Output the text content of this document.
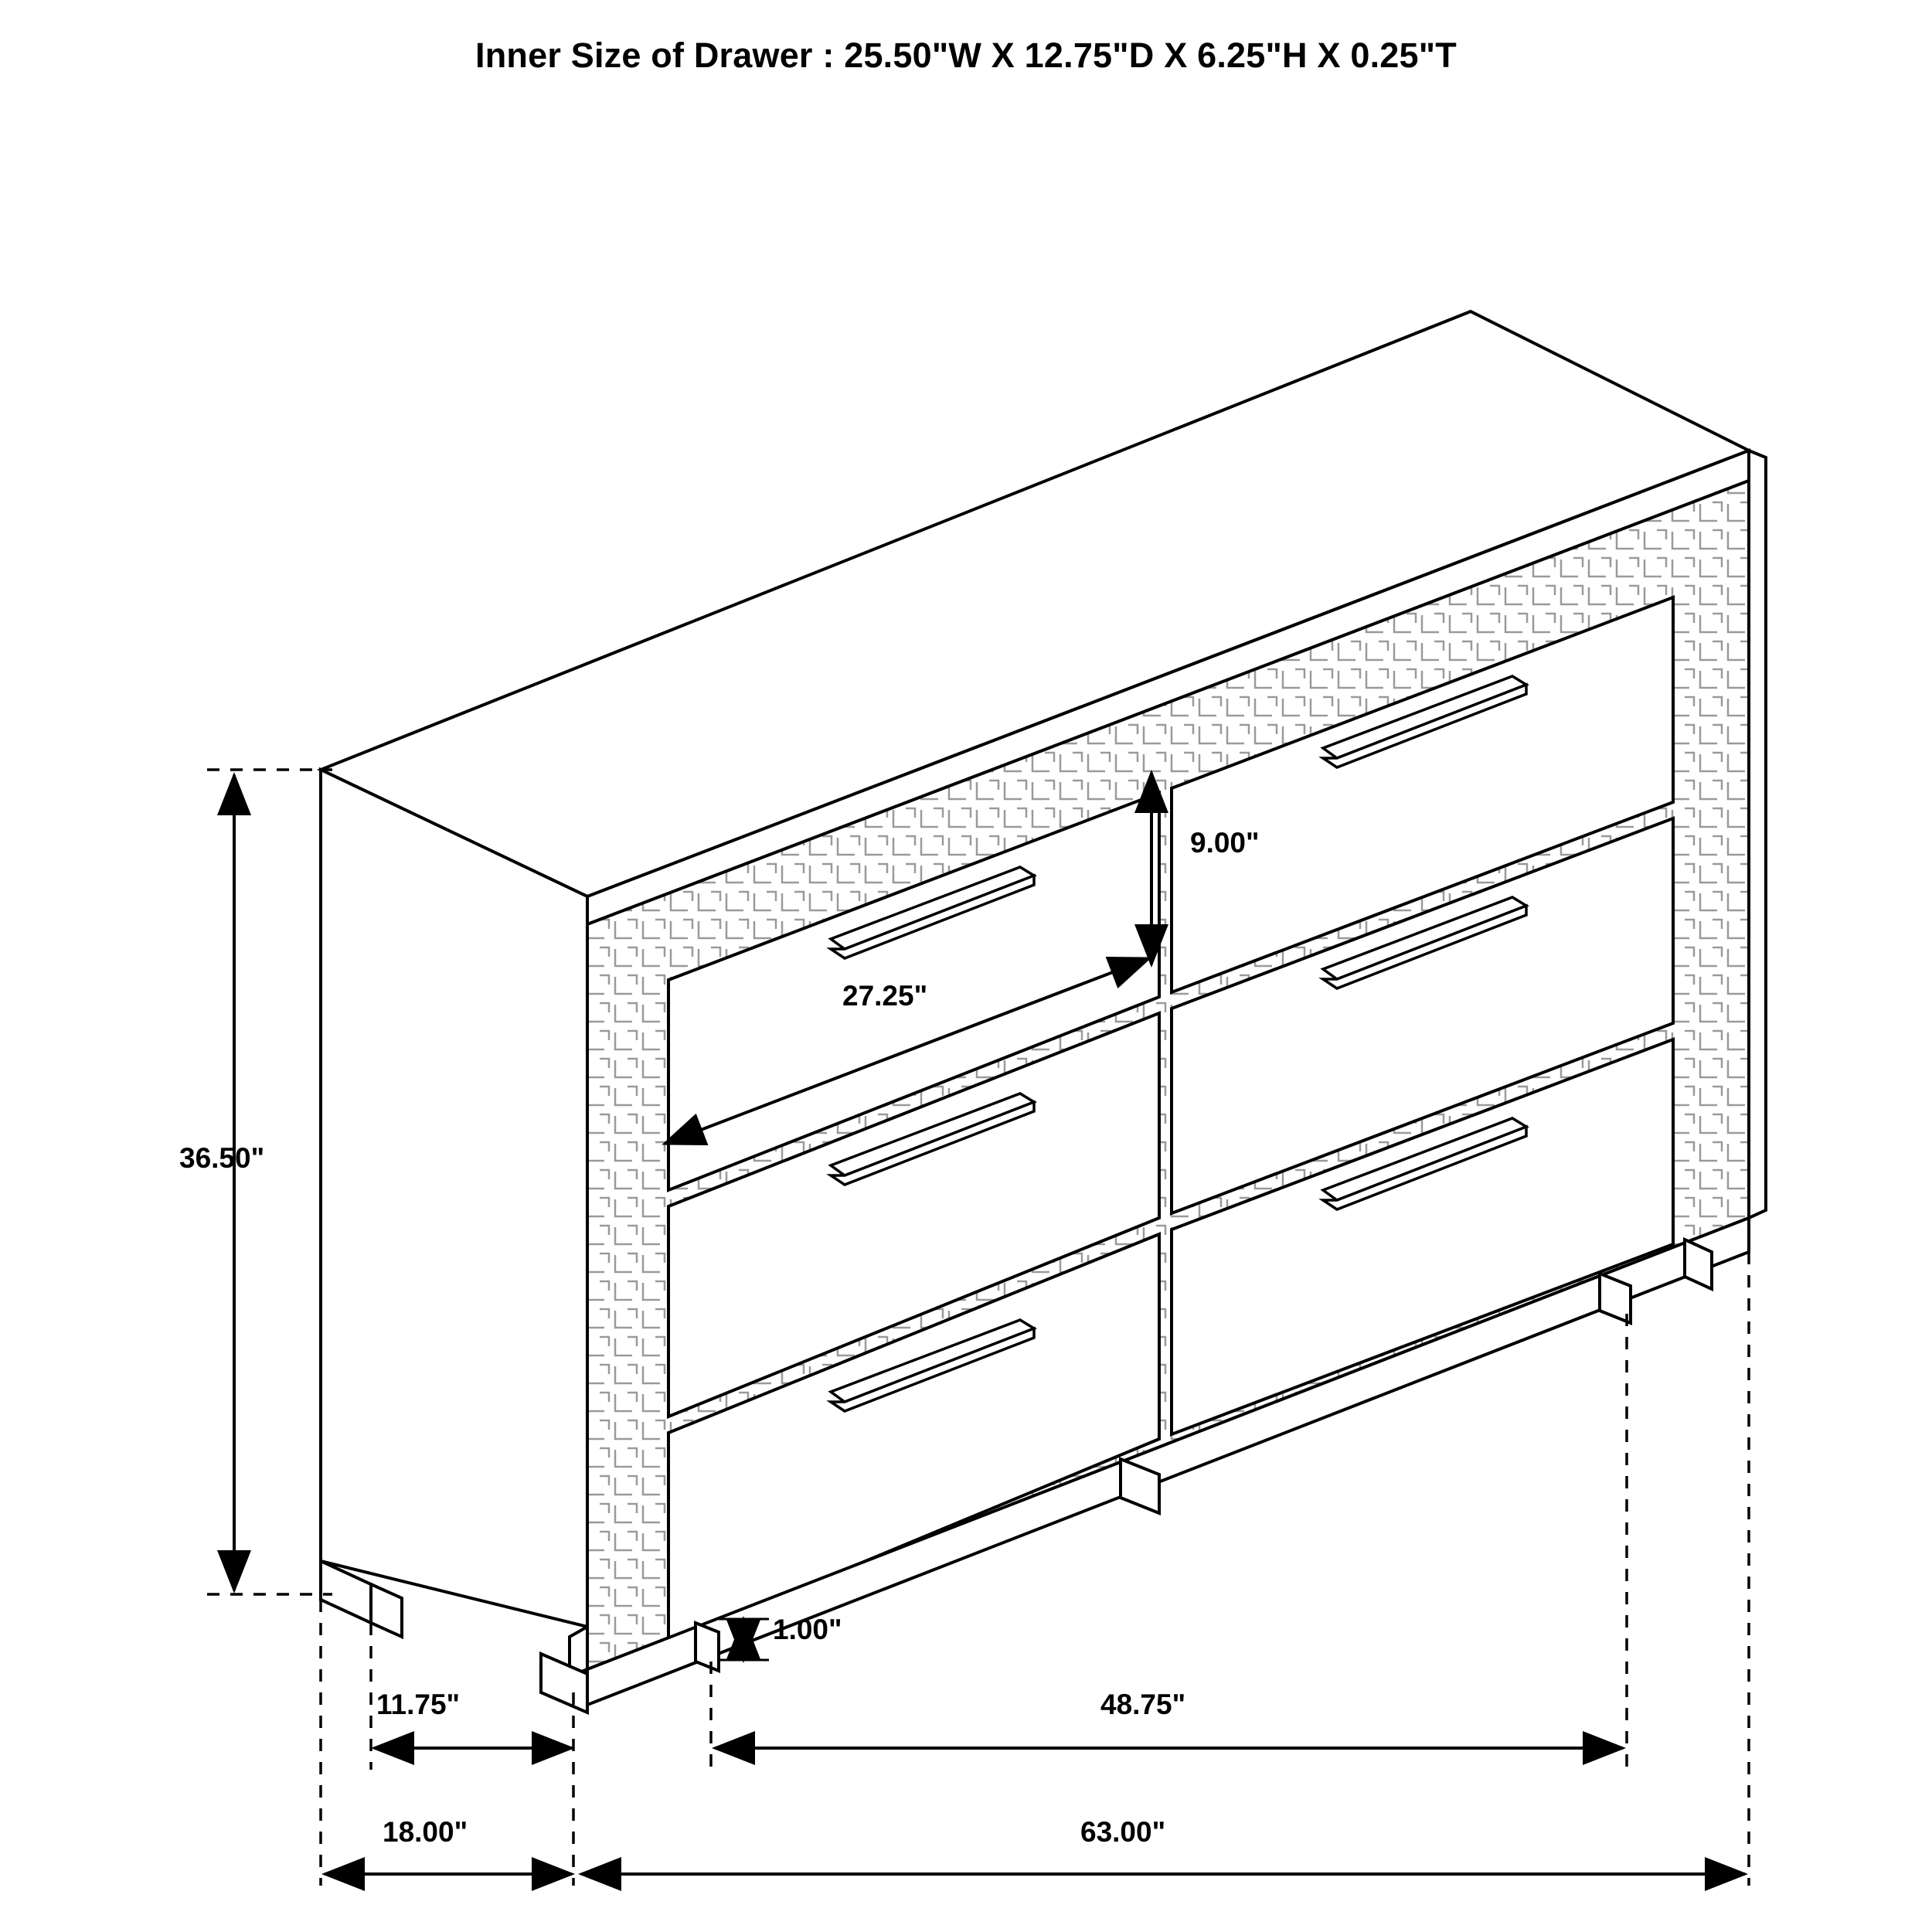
Inner Size of Drawer : 25.50"W X 12.75"D X 6.25"H X 0.25"T
36.50"
9.00"
27.25"
1.00"
11.75"
18.00"
48.75"
63.00"
